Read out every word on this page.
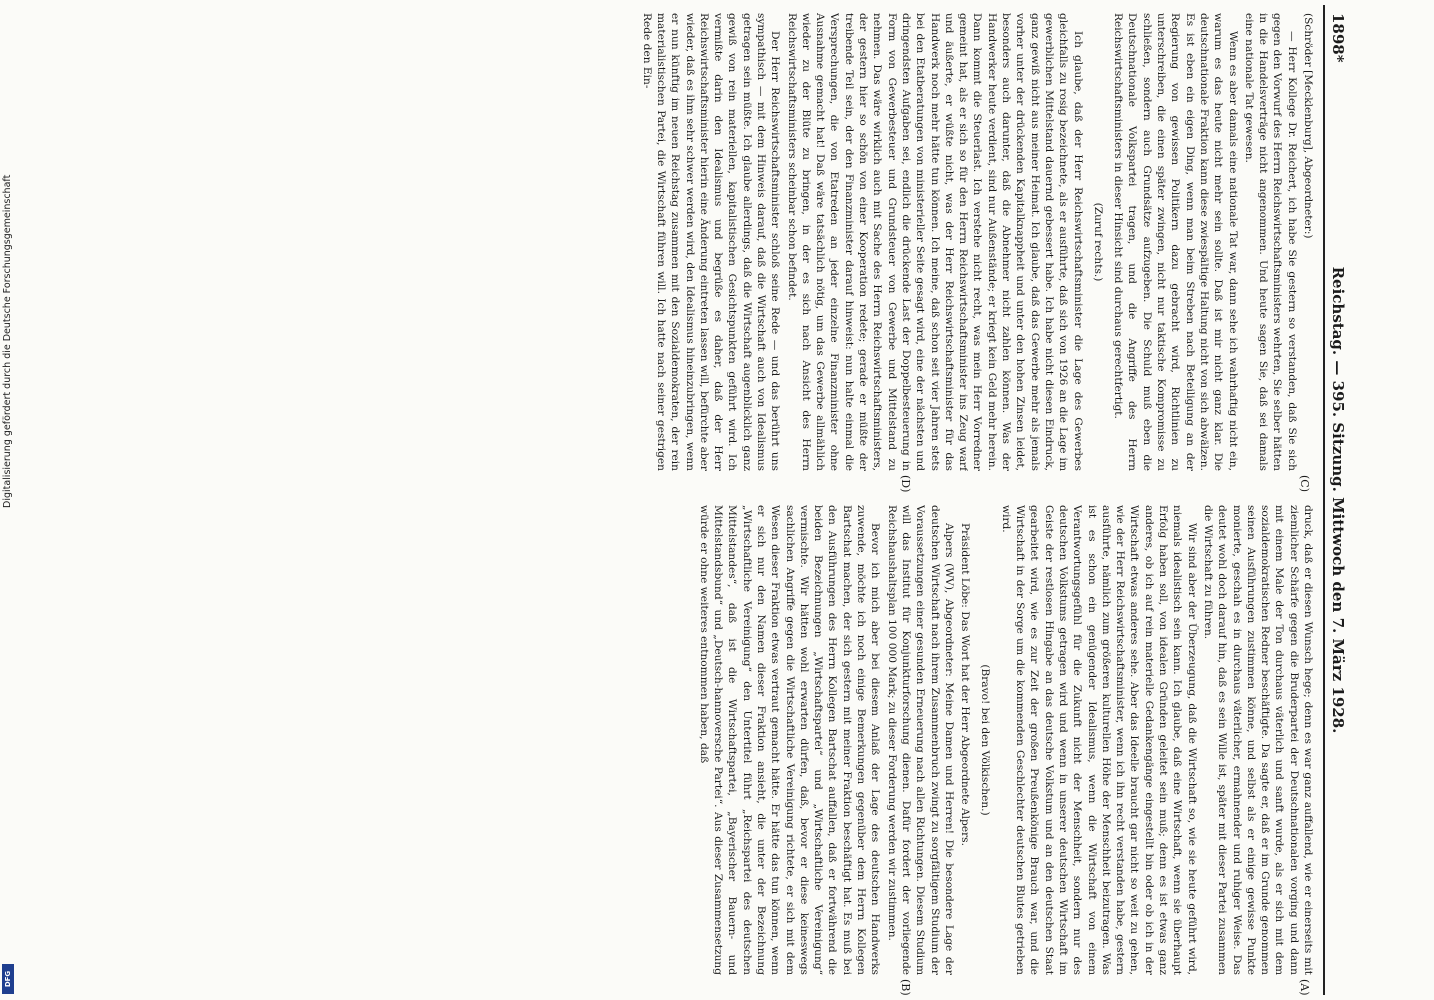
1898*
Reichstag. — 395. Sitzung. Mittwoch den 7. März 1928.
(C)
(D)
(A)
(B)

(Schröder [Mecklenburg], Abgeordneter:)

— Herr Kollege Dr. Reichert, ich habe Sie gestern so verstanden, daß Sie sich gegen den Vorwurf des Herrn Reichswirtschaftsministers wehrten, Sie selber hätten in die Handelsverträge nicht angenommen. Und heute sagen Sie, daß sei damals eine nationale Tat gewesen.

Wenn es aber damals eine nationale Tat war, dann sehe ich wahrhaftig nicht ein, warum es das heute nicht mehr sein sollte. Daß ist mir nicht ganz klar. Die deutschnationale Fraktion kann diese zwiespältige Haltung nicht von sich abwälzen. Es ist eben ein eigen Ding, wenn man beim Streben nach Beteiligung an der Regierung von gewissen Politikern dazu gebracht wird, Richtlinien zu unterschreiben, die einen später zwingen, nicht nur taktische Kompromisse zu schließen, sondern auch Grundsätze aufzugeben. Die Schuld muß eben die Deutschnationale Volkspartei tragen, und die Angriffe des Herrn Reichswirtschaftsministers in dieser Hinsicht sind durchaus gerechtfertigt.

(Zuruf rechts.)

Ich glaube, daß der Herr Reichswirtschaftsminister die Lage des Gewerbes gleichfalls zu rosig bezeichnete, als er ausführte, daß sich von 1926 an die Lage im gewerblichen Mittelstand dauernd gebessert habe. Ich habe nicht diesen Eindruck, ganz gewiß nicht aus meiner Heimat. Ich glaube, daß das Gewerbe mehr als jemals vorher unter der drückenden Kapitalknappheit und unter den hohen Zinsen leidet, besonders auch darunter, daß die Abnehmer nicht zahlen können. Was der Handwerker heute verdient, sind nur Außenstände; er kriegt kein Geld mehr herein. Dann kommt die Steuerlast. Ich verstehe nicht recht, was mein Herr Vorredner gemeint hat, als er sich so für den Herrn Reichswirtschaftsminister ins Zeug warf und äußerte, er wüßte nicht, was der Herr Reichswirtschaftsminister für das Handwerk noch mehr hätte tun können. Ich meine, daß schon seit vier Jahren stets bei den Etatberatungen von ministerieller Seite gesagt wird, eine der nächsten und dringendsten Aufgaben sei, endlich die drückende Last der Doppelbesteuerung in Form von Gewerbesteuer und Grundsteuer von Gewerbe und Mittelstand zu nehmen. Das wäre wirklich auch mit Sache des Herrn Reichswirtschaftsministers, der gestern hier so schön von einer Kooperation redete; gerade er müßte der treibende Teil sein, der den Finanzminister darauf hinweist: nun halte einmal die Versprechungen, die von Etatreden an jeder einzelne Finanzminister ohne Ausnahme gemacht hat! Daß wäre tatsächlich nötig, um das Gewerbe allmählich wieder zu der Blüte zu bringen, in der es sich nach Ansicht des Herrn Reichswirtschaftsministers scheinbar schon befindet.

Der Herr Reichswirtschaftsminister schloß seine Rede — und das berührt uns sympathisch — mit dem Hinweis darauf, daß die Wirtschaft auch von Idealismus getragen sein müßte. Ich glaube allerdings, daß die Wirtschaft augenblicklich ganz gewiß von rein materiellen, kapitalistischen Gesichtspunkten geführt wird. Ich vermißte darin den Idealismus und begrüße es daher, daß der Herr Reichswirtschaftsminister hierin eine Änderung eintreten lassen will, befürchte aber wieder, daß es ihm sehr schwer werden wird, den Idealismus hineinzubringen, wenn er nun künftig im neuen Reichstag zusammen mit den Sozialdemokraten, der rein materialistischen Partei, die Wirtschaft führen will. Ich hatte nach seiner gestrigen Rede den Ein-

druck, daß er diesen Wunsch hege; denn es war ganz auffallend, wie er einerseits mit ziemlicher Schärfe gegen die Bruderpartei der Deutschnationalen vorging und dann mit einem Male der Ton durchaus väterlich und sanft wurde, als er sich mit dem sozialdemokratischen Redner beschäftigte. Da sagte er, daß er im Grunde genommen seinen Ausführungen zustimmen könne, und selbst als er einige gewisse Punkte monierte, geschah es in durchaus väterlicher, ermahnender und ruhiger Weise. Das deutet wohl doch darauf hin, daß es sein Wille ist, später mit dieser Partei zusammen die Wirtschaft zu führen.

Wir sind aber der Überzeugung, daß die Wirtschaft so, wie sie heute geführt wird, niemals idealistisch sein kann. Ich glaube, daß eine Wirtschaft, wenn sie überhaupt Erfolg haben soll, von idealen Gründen geleitet sein muß; denn es ist etwas ganz anderes, ob ich auf rein materielle Gedankengänge eingestellt bin oder ob ich in der Wirtschaft etwas anderes sehe. Aber das Ideelle braucht gar nicht so weit zu gehen, wie der Herr Reichswirtschaftsminister, wenn ich ihn recht verstanden habe, gestern ausführte, nämlich zum größeren kulturellen Höhe der Menschheit beizutragen. Was ist es schon ein genügender Idealismus, wenn die Wirtschaft von einem Verantwortungsgefühl für die Zukunft nicht der Menschheit, sondern nur des deutschen Volkstums getragen wird und wenn in unserer deutschen Wirtschaft im Geiste der restlosen Hingabe an das deutsche Volkstum und an den deutschen Staat gearbeitet wird, wie es zur Zeit der großen Preußenkönige Brauch war, und die Wirtschaft in der Sorge um die kommenden Geschlechter deutschen Blutes getrieben wird.

(Bravo! bei den Völkischen.)

Präsident Löbe: Das Wort hat der Herr Abgeordnete Alpers.

Alpers (WV), Abgeordneter: Meine Damen und Herren! Die besondere Lage der deutschen Wirtschaft nach ihrem Zusammenbruch zwingt zu sorgfältigem Studium der Voraussetzungen einer gesunden Erneuerung nach allen Richtungen. Diesem Studium will das Institut für Konjunkturforschung dienen. Dafür fordert der vorliegende Reichshaushaltsplan 100 000 Mark; zu dieser Forderung werden wir zustimmen.

Bevor ich mich aber bei diesem Anlaß der Lage des deutschen Handwerks zuwende, möchte ich noch einige Bemerkungen gegenüber dem Herrn Kollegen Bartschat machen, der sich gestern mit meiner Fraktion beschäftigt hat. Es muß bei den Ausführungen des Herrn Kollegen Bartschat auffallen, daß er fortwährend die beiden Bezeichnungen „Wirtschaftspartei“ und „Wirtschaftliche Vereinigung“ vermischte. Wir hätten wohl erwarten dürfen, daß, bevor er diese keineswegs sachlichen Angriffe gegen die Wirtschaftliche Vereinigung richtete, er sich mit dem Wesen dieser Fraktion etwas vertraut gemacht hätte. Er hätte das tun können, wenn er sich nur den Namen dieser Fraktion ansieht, die unter der Bezeichnung „Wirtschaftliche Vereinigung“ den Untertitel führt „Reichspartei des deutschen Mittelstandes“, daß ist die Wirtschaftspartei, „Bayerischer Bauern- und Mittelstandsbund“ und „Deutsch-hannoversche Partei“. Aus dieser Zusammensetzung würde er ohne weiteres entnommen haben, daß

Digitalisierung gefördert durch die Deutsche Forschungsgemeinschaft
DFG
